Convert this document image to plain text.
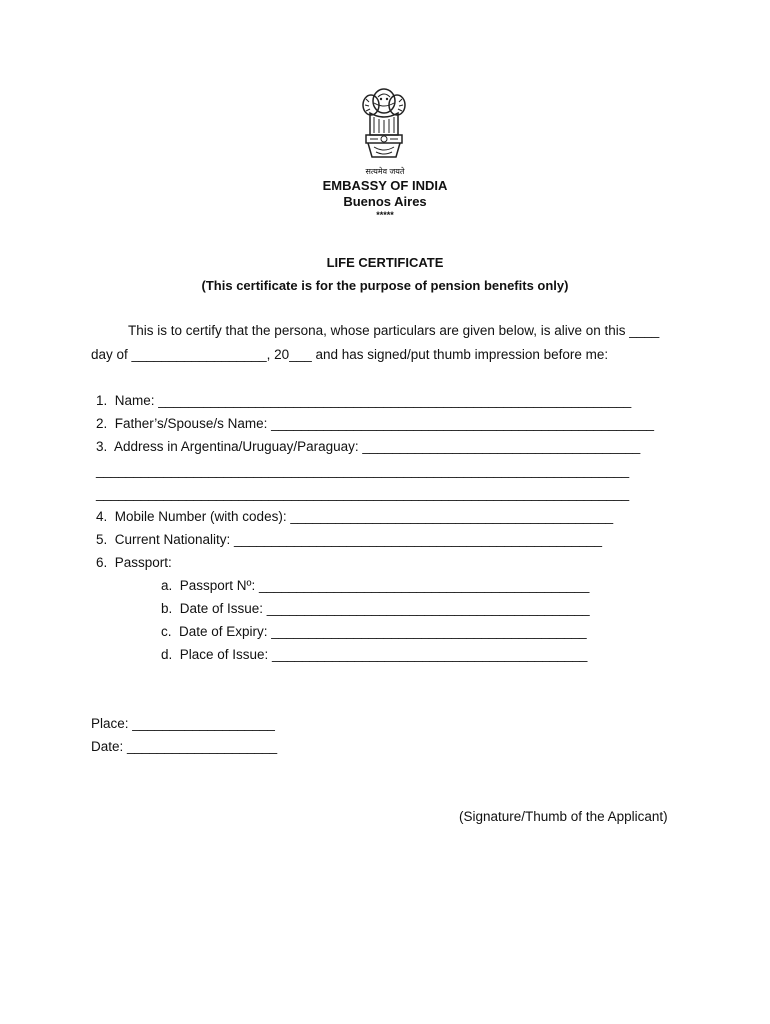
सत्यमेव जयते
EMBASSY OF INDIA
Buenos Aires
*****
LIFE CERTIFICATE
(This certificate is for the purpose of pension benefits only)
This is to certify that the persona, whose particulars are given below, is alive on this ____
day of __________________, 20___ and has signed/put thumb impression before me:
1.  Name: _______________________________________________________________
2.  Father’s/Spouse/s Name: ___________________________________________________
3.  Address in Argentina/Uruguay/Paraguay: _____________________________________
_______________________________________________________________________
_______________________________________________________________________
4.  Mobile Number (with codes): ___________________________________________
5.  Current Nationality: _________________________________________________
6.  Passport:
a.  Passport Nº: ____________________________________________
b.  Date of Issue: ___________________________________________
c.  Date of Expiry: __________________________________________
d.  Place of Issue: __________________________________________
Place: ___________________
Date: ____________________
(Signature/Thumb of the Applicant)
